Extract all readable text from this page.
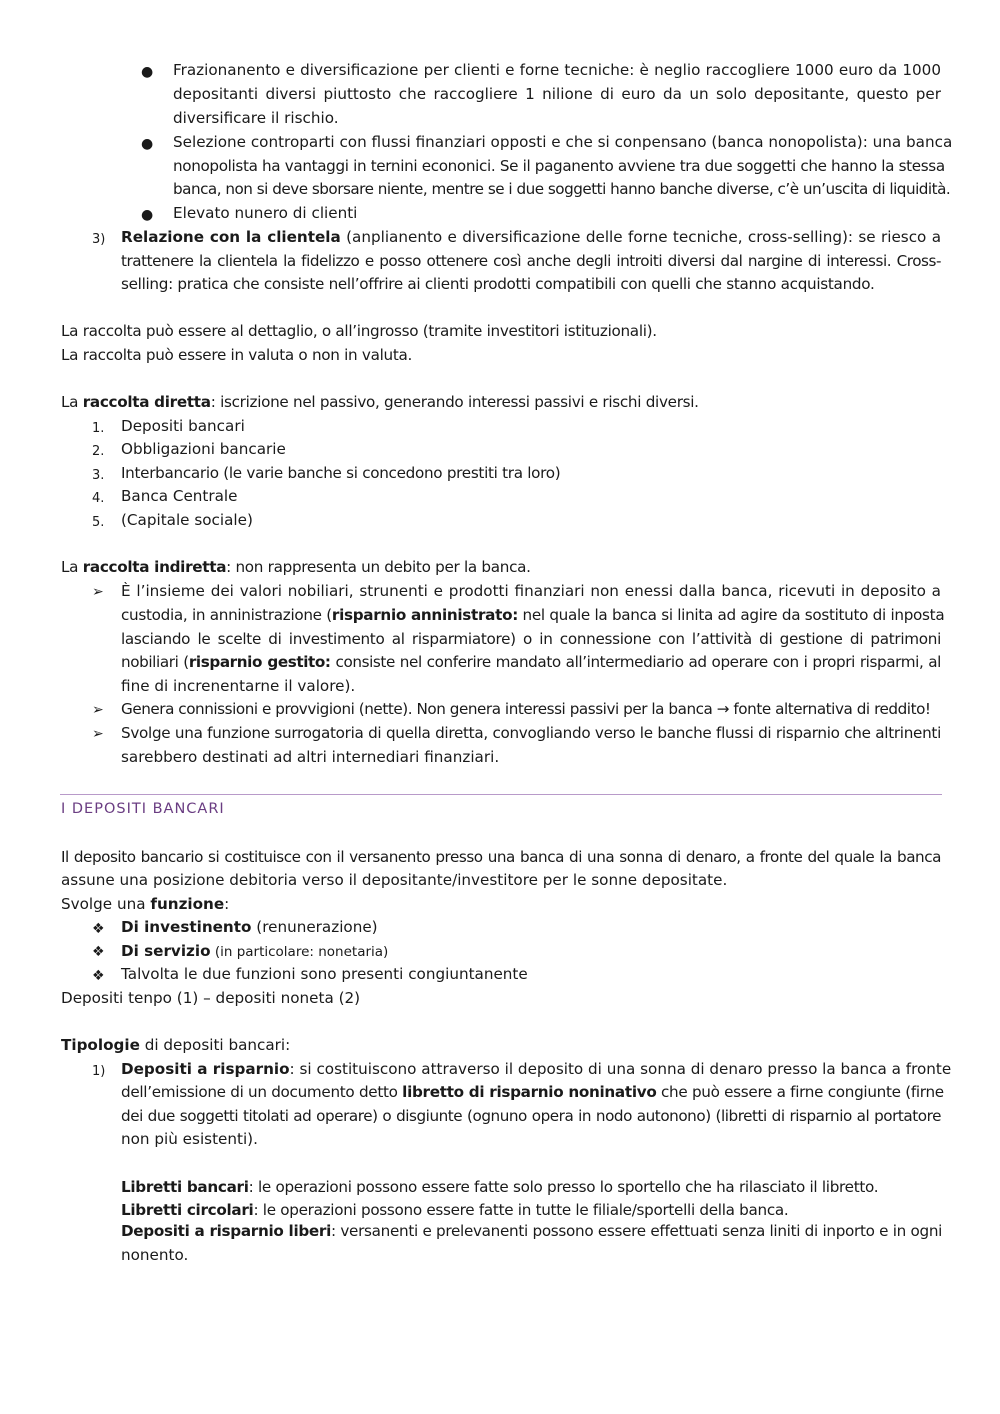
● Frazionanento e diversificazione per clienti e forne tecniche: è neglio raccogliere 1000 euro da 1000
depositanti diversi piuttosto che raccogliere 1 nilione di euro da un solo depositante, questo per
diversificare il rischio.
● Selezione controparti con flussi finanziari opposti e che si conpensano (banca nonopolista): una banca
nonopolista ha vantaggi in ternini econonici. Se il paganento avviene tra due soggetti che hanno la stessa
banca, non si deve sborsare niente, mentre se i due soggetti hanno banche diverse, c’è un’uscita di liquidità.
● Elevato nunero di clienti
3) Relazione con la clientela (anplianento e diversificazione delle forne tecniche, cross-selling): se riesco a
trattenere la clientela la fidelizzo e posso ottenere così anche degli introiti diversi dal nargine di interessi. Cross-
selling: pratica che consiste nell’offrire ai clienti prodotti compatibili con quelli che stanno acquistando.
La raccolta può essere al dettaglio, o all’ingrosso (tramite investitori istituzionali).
La raccolta può essere in valuta o non in valuta.
La raccolta diretta: iscrizione nel passivo, generando interessi passivi e rischi diversi.
1. Depositi bancari
2. Obbligazioni bancarie
3. Interbancario (le varie banche si concedono prestiti tra loro)
4. Banca Centrale
5. (Capitale sociale)
La raccolta indiretta: non rappresenta un debito per la banca.
➢ È l’insieme dei valori nobiliari, strunenti e prodotti finanziari non enessi dalla banca, ricevuti in deposito a
custodia, in anninistrazione (risparnio anninistrato: nel quale la banca si linita ad agire da sostituto di inposta
lasciando le scelte di investimento al risparmiatore) o in connessione con l’attività di gestione di patrimoni
nobiliari (risparnio gestito: consiste nel conferire mandato all’intermediario ad operare con i propri risparmi, al
fine di increnentarne il valore).
➢ Genera connissioni e provvigioni (nette). Non genera interessi passivi per la banca → fonte alternativa di reddito!
➢ Svolge una funzione surrogatoria di quella diretta, convogliando verso le banche flussi di risparnio che altrinenti
sarebbero destinati ad altri internediari finanziari.
I DEPOSITI BANCARI
Il deposito bancario si costituisce con il versanento presso una banca di una sonna di denaro, a fronte del quale la banca
assune una posizione debitoria verso il depositante/investitore per le sonne depositate.
Svolge una funzione:
❖ Di investinento (renunerazione)
❖ Di servizio (in particolare: nonetaria)
❖ Talvolta le due funzioni sono presenti congiuntanente
Depositi tenpo (1) – depositi noneta (2)
Tipologie di depositi bancari:
1) Depositi a risparnio: si costituiscono attraverso il deposito di una sonna di denaro presso la banca a fronte
dell’emissione di un documento detto libretto di risparnio noninativo che può essere a firne congiunte (firne
dei due soggetti titolati ad operare) o disgiunte (ognuno opera in nodo autonono) (libretti di risparnio al portatore
non più esistenti).
Libretti bancari: le operazioni possono essere fatte solo presso lo sportello che ha rilasciato il libretto.
Libretti circolari: le operazioni possono essere fatte in tutte le filiale/sportelli della banca.
Depositi a risparnio liberi: versanenti e prelevanenti possono essere effettuati senza liniti di inporto e in ogni
nonento.
